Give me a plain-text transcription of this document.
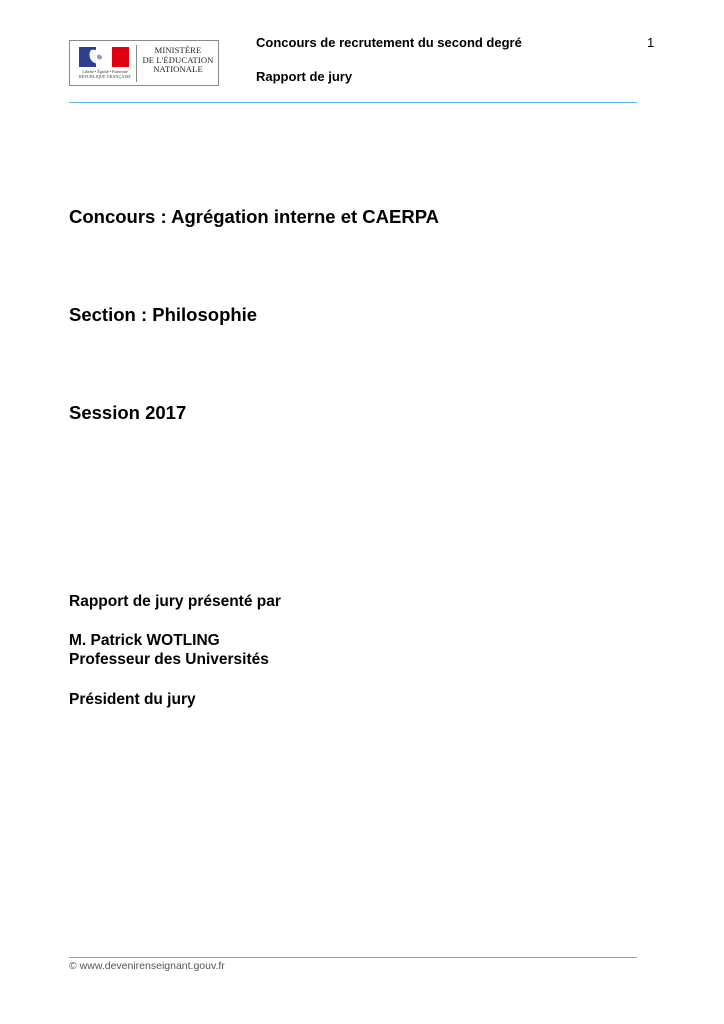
Liberté • Égalité • Fraternité
RÉPUBLIQUE FRANÇAISE
MINISTÈRE
DE L'ÉDUCATION
NATIONALE
Concours de recrutement du second degré
Rapport de jury
1
Concours : Agrégation interne et CAERPA
Section : Philosophie
Session 2017
Rapport de jury présenté par
M. Patrick WOTLING
Professeur des Universités
Président du jury
© www.devenirenseignant.gouv.fr
